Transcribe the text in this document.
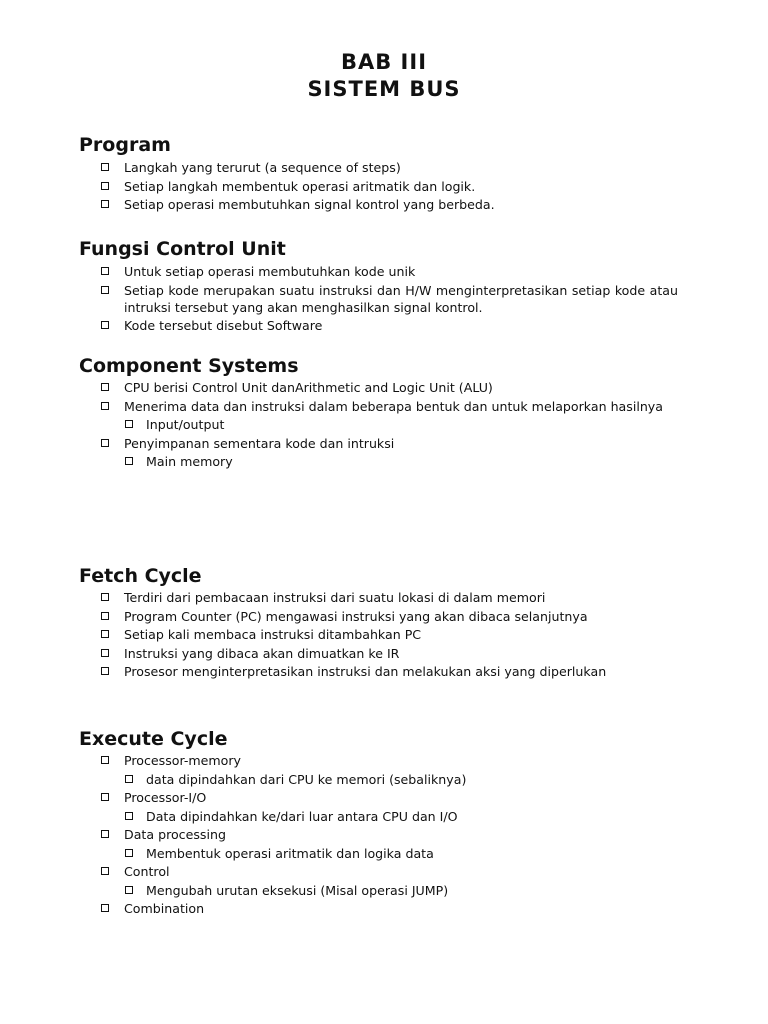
BAB III
SISTEM BUS
Program
Langkah yang terurut (a sequence of steps)
Setiap langkah membentuk operasi aritmatik dan logik.
Setiap operasi membutuhkan signal kontrol yang berbeda.
Fungsi Control Unit
Untuk setiap operasi membutuhkan kode unik
Setiap kode merupakan suatu instruksi dan H/W menginterpretasikan setiap kode atau intruksi tersebut yang akan menghasilkan signal kontrol.
Kode tersebut disebut Software
Component Systems
CPU berisi Control Unit danArithmetic and Logic Unit (ALU)
Menerima data dan instruksi dalam beberapa bentuk dan untuk melaporkan hasilnya
Input/output
Penyimpanan sementara kode dan intruksi
Main memory
Fetch Cycle
Terdiri dari pembacaan instruksi dari suatu lokasi di dalam memori
Program Counter (PC) mengawasi instruksi yang akan dibaca selanjutnya
Setiap kali membaca instruksi ditambahkan PC
Instruksi yang dibaca akan dimuatkan ke IR
Prosesor menginterpretasikan instruksi dan melakukan aksi yang diperlukan
Execute Cycle
Processor-memory
data dipindahkan dari CPU ke memori (sebaliknya)
Processor-I/O
Data dipindahkan ke/dari luar antara CPU dan I/O
Data processing
Membentuk operasi aritmatik dan logika data
Control
Mengubah urutan eksekusi (Misal operasi JUMP)
Combination
